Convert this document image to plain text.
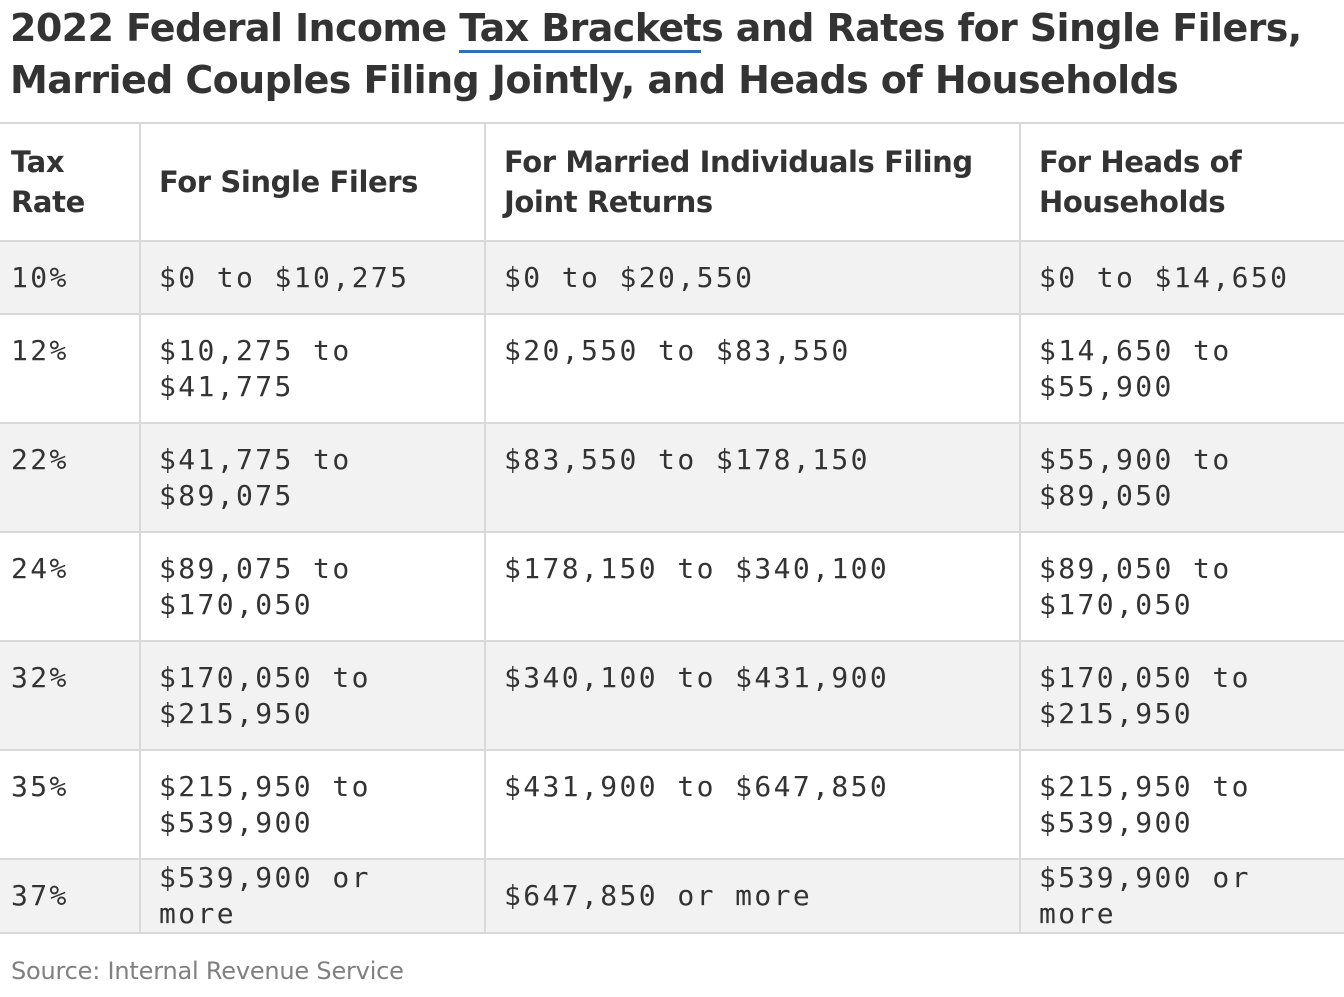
2022 Federal Income Tax Brackets and Rates for Single Filers, Married Couples Filing Jointly, and Heads of Households
Tax Rate	For Single Filers	For Married Individuals Filing Joint Returns	For Heads of Households
10%	$0 to $10,275	$0 to $20,550	$0 to $14,650
12%	$10,275 to $41,775	$20,550 to $83,550	$14,650 to $55,900
22%	$41,775 to $89,075	$83,550 to $178,150	$55,900 to $89,050
24%	$89,075 to $170,050	$178,150 to $340,100	$89,050 to $170,050
32%	$170,050 to $215,950	$340,100 to $431,900	$170,050 to $215,950
35%	$215,950 to $539,900	$431,900 to $647,850	$215,950 to $539,900
37%	$539,900 or more	$647,850 or more	$539,900 or more
Source: Internal Revenue Service
